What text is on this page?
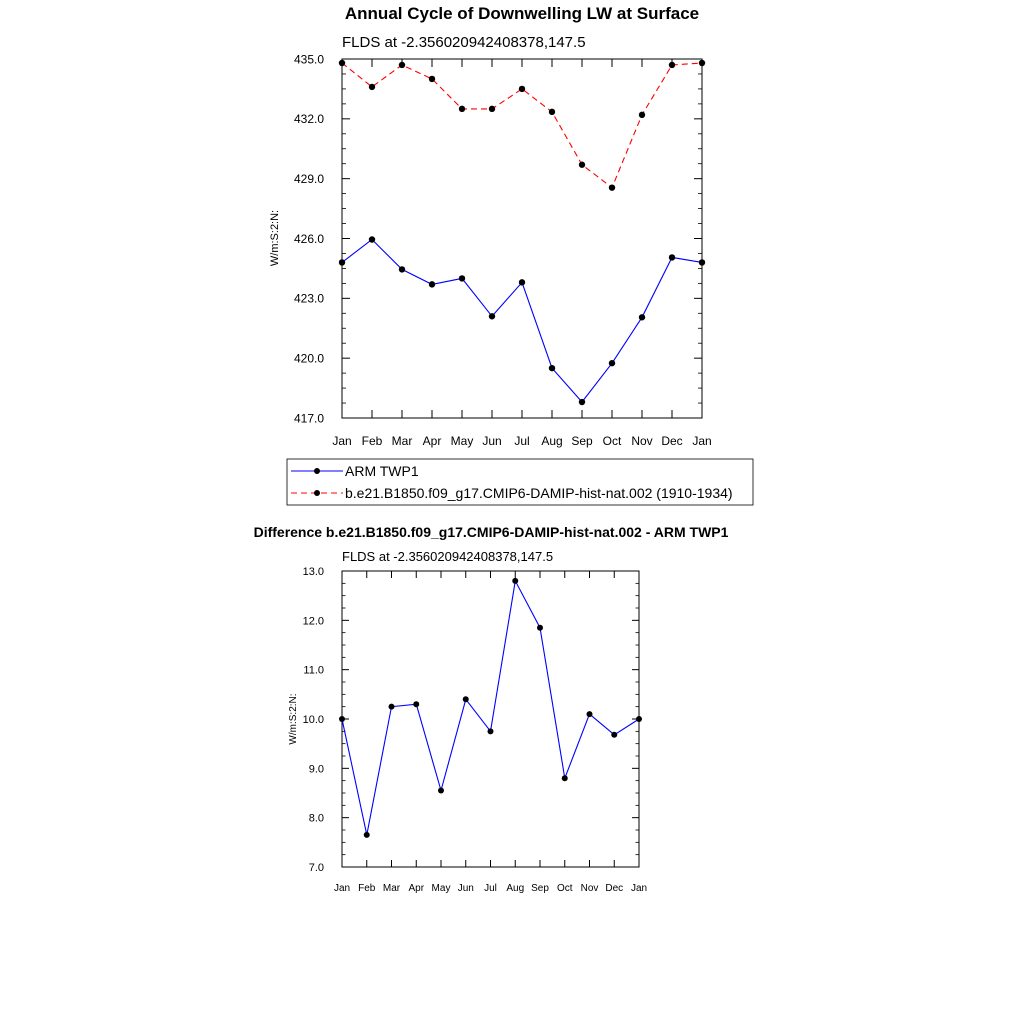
Annual Cycle of Downwelling LW at Surface
FLDS at -2.356020942408378,147.5
W/m:S:2:N:
Jan Feb Mar Apr May Jun Jul Aug Sep Oct Nov Dec Jan
417.0
420.0
423.0
426.0
429.0
432.0
435.0
ARM TWP1
b.e21.B1850.f09_g17.CMIP6-DAMIP-hist-nat.002 (1910-1934)
Difference b.e21.B1850.f09_g17.CMIP6-DAMIP-hist-nat.002 - ARM TWP1
FLDS at -2.356020942408378,147.5
W/m:S:2:N:
Jan Feb Mar Apr May Jun Jul Aug Sep Oct Nov Dec Jan
7.0
8.0
9.0
10.0
11.0
12.0
13.0
